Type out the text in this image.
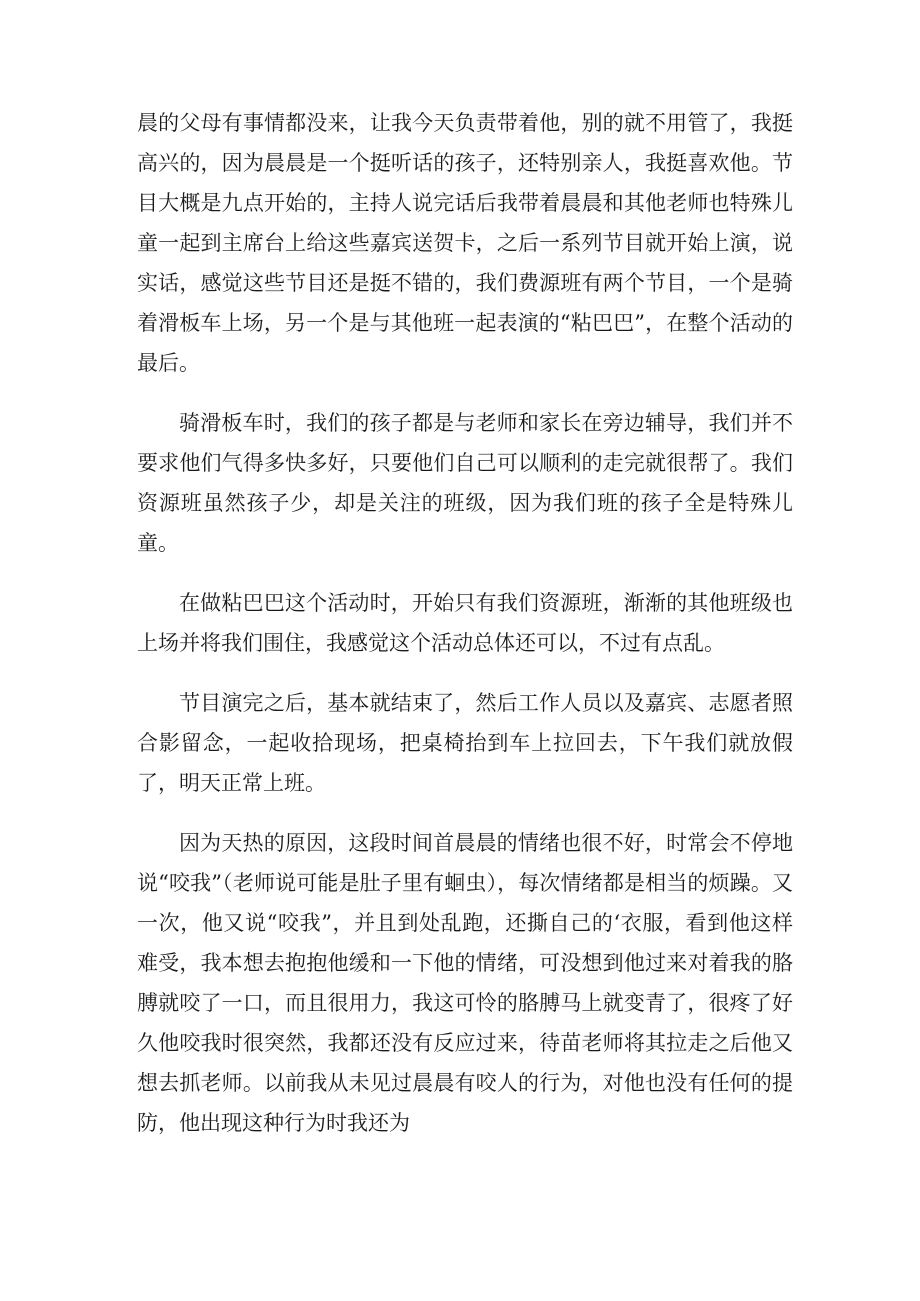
晨的父母有事情都没来，让我今天负责带着他，别的就不用管了，我挺高兴的，因为晨晨是一个挺听话的孩子，还特别亲人，我挺喜欢他。节目大概是九点开始的，主持人说完话后我带着晨晨和其他老师也特殊儿童一起到主席台上给这些嘉宾送贺卡，之后一系列节目就开始上演，说实话，感觉这些节目还是挺不错的，我们费源班有两个节目，一个是骑着滑板车上场，另一个是与其他班一起表演的“粘巴巴”，在整个活动的最后。

骑滑板车时，我们的孩子都是与老师和家长在旁边辅导，我们并不要求他们气得多快多好，只要他们自己可以顺利的走完就很帮了。我们资源班虽然孩子少，却是关注的班级，因为我们班的孩子全是特殊儿童。

在做粘巴巴这个活动时，开始只有我们资源班，渐渐的其他班级也上场并将我们围住，我感觉这个活动总体还可以，不过有点乱。

节目演完之后，基本就结束了，然后工作人员以及嘉宾、志愿者照合影留念，一起收拾现场，把桌椅抬到车上拉回去，下午我们就放假了，明天正常上班。

因为天热的原因，这段时间首晨晨的情绪也很不好，时常会不停地说“咬我”（老师说可能是肚子里有蛔虫），每次情绪都是相当的烦躁。又一次，他又说“咬我”，并且到处乱跑，还撕自己的‘衣服，看到他这样难受，我本想去抱抱他缓和一下他的情绪，可没想到他过来对着我的胳膊就咬了一口，而且很用力，我这可怜的胳膊马上就变青了，很疼了好久他咬我时很突然，我都还没有反应过来，待苗老师将其拉走之后他又想去抓老师。以前我从未见过晨晨有咬人的行为，对他也没有任何的提防，他出现这种行为时我还为
